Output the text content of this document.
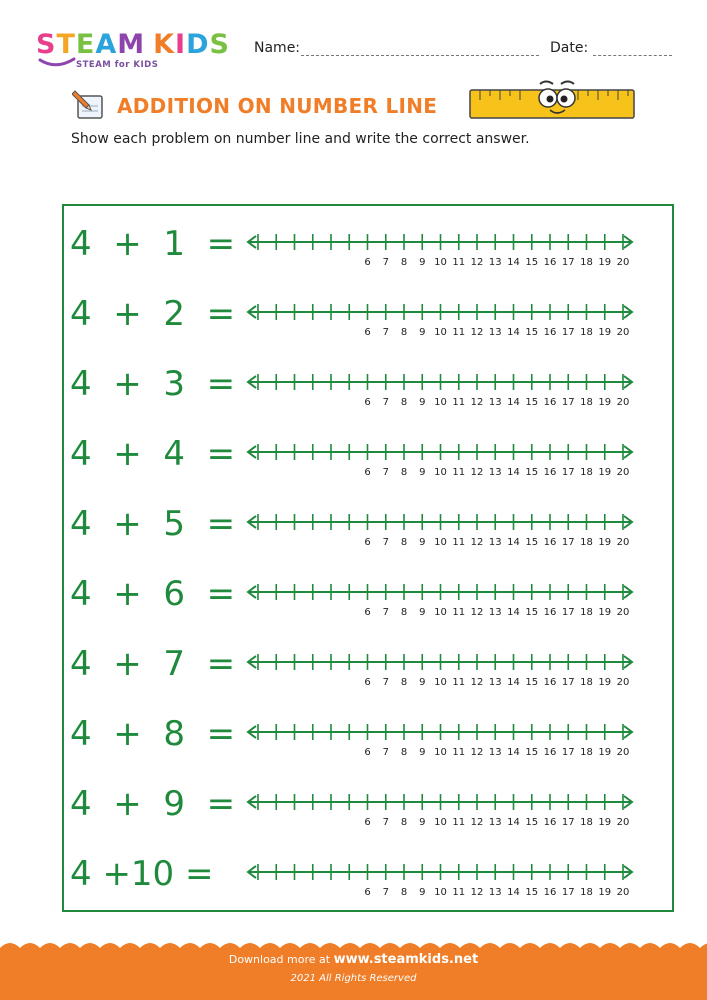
STEAM KIDS
STEAM for KIDS
Name:	Date:
ADDITION ON NUMBER LINE
Show each problem on number line and write the correct answer.
4  +  1  =	6 7 8 9 10 11 12 13 14 15 16 17 18 19 20
4  +  2  =	6 7 8 9 10 11 12 13 14 15 16 17 18 19 20
4  +  3  =	6 7 8 9 10 11 12 13 14 15 16 17 18 19 20
4  +  4  =	6 7 8 9 10 11 12 13 14 15 16 17 18 19 20
4  +  5  =	6 7 8 9 10 11 12 13 14 15 16 17 18 19 20
4  +  6  =	6 7 8 9 10 11 12 13 14 15 16 17 18 19 20
4  +  7  =	6 7 8 9 10 11 12 13 14 15 16 17 18 19 20
4  +  8  =	6 7 8 9 10 11 12 13 14 15 16 17 18 19 20
4  +  9  =	6 7 8 9 10 11 12 13 14 15 16 17 18 19 20
4 +10 =	6 7 8 9 10 11 12 13 14 15 16 17 18 19 20
Download more at www.steamkids.net
2021 All Rights Reserved
